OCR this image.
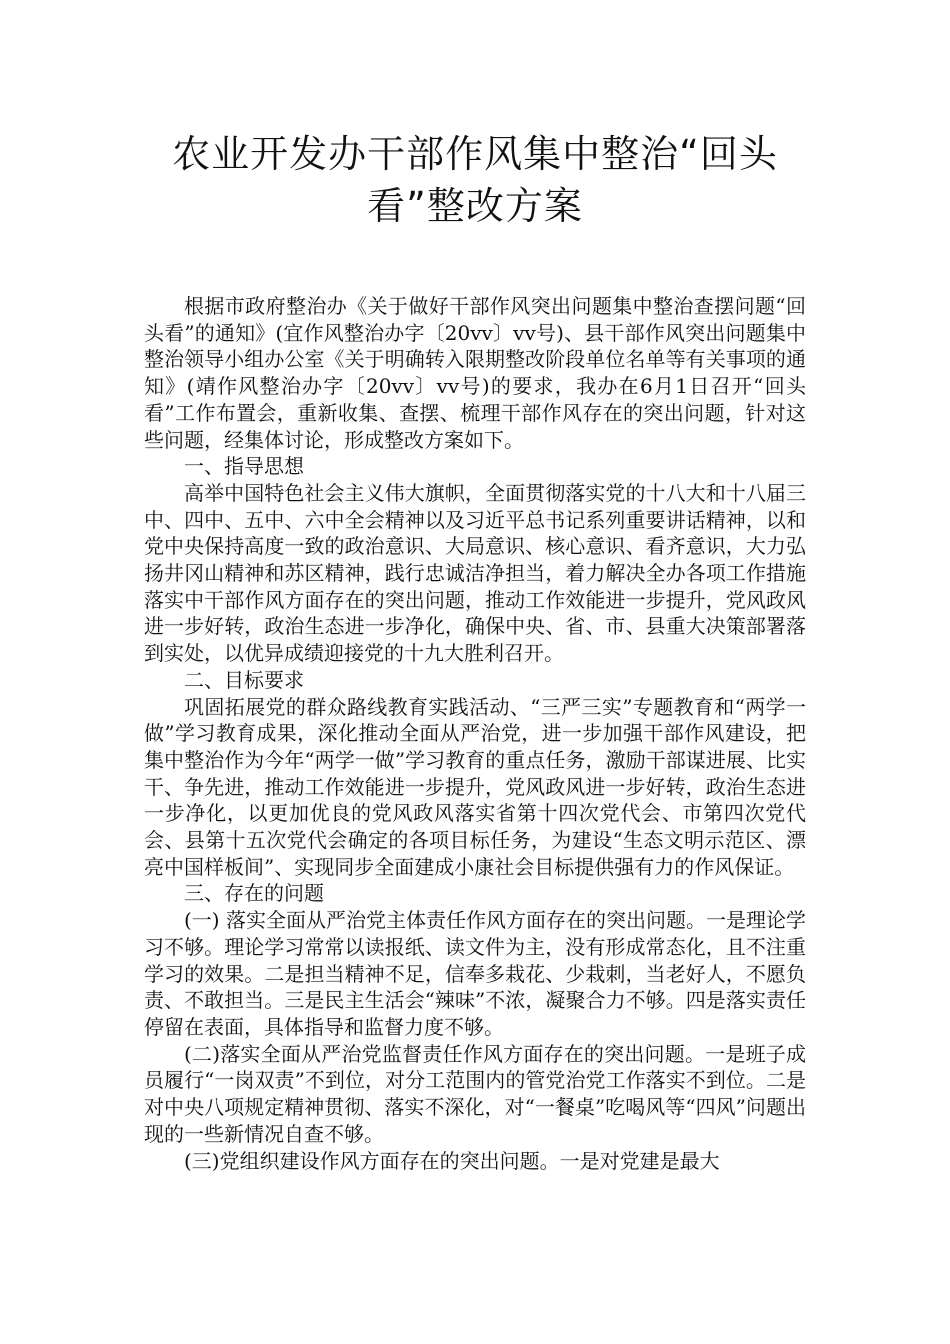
农业开发办干部作风集中整治“回头
看”整改方案

根据市政府整治办《关于做好干部作风突出问题集中整治查摆问题“回头看”的通知》(宜作风整治办字〔20vv〕vv号)、县干部作风突出问题集中整治领导小组办公室《关于明确转入限期整改阶段单位名单等有关事项的通知》(靖作风整治办字〔20vv〕vv号)的要求，我办在6月1日召开“回头看”工作布置会，重新收集、查摆、梳理干部作风存在的突出问题，针对这些问题，经集体讨论，形成整改方案如下。

一、指导思想

高举中国特色社会主义伟大旗帜，全面贯彻落实党的十八大和十八届三中、四中、五中、六中全会精神以及习近平总书记系列重要讲话精神，以和党中央保持高度一致的政治意识、大局意识、核心意识、看齐意识，大力弘扬井冈山精神和苏区精神，践行忠诚洁净担当，着力解决全办各项工作措施落实中干部作风方面存在的突出问题，推动工作效能进一步提升，党风政风进一步好转，政治生态进一步净化，确保中央、省、市、县重大决策部署落到实处，以优异成绩迎接党的十九大胜利召开。

二、目标要求

巩固拓展党的群众路线教育实践活动、“三严三实”专题教育和“两学一做”学习教育成果，深化推动全面从严治党，进一步加强干部作风建设，把集中整治作为今年“两学一做”学习教育的重点任务，激励干部谋进展、比实干、争先进，推动工作效能进一步提升，党风政风进一步好转，政治生态进一步净化，以更加优良的党风政风落实省第十四次党代会、市第四次党代会、县第十五次党代会确定的各项目标任务，为建设“生态文明示范区、漂亮中国样板间”、实现同步全面建成小康社会目标提供强有力的作风保证。

三、存在的问题

(一) 落实全面从严治党主体责任作风方面存在的突出问题。一是理论学习不够。理论学习常常以读报纸、读文件为主，没有形成常态化，且不注重学习的效果。二是担当精神不足，信奉多栽花、少栽刺，当老好人，不愿负责、不敢担当。三是民主生活会“辣味”不浓，凝聚合力不够。四是落实责任停留在表面，具体指导和监督力度不够。

(二)落实全面从严治党监督责任作风方面存在的突出问题。一是班子成员履行“一岗双责”不到位，对分工范围内的管党治党工作落实不到位。二是对中央八项规定精神贯彻、落实不深化，对“一餐桌”吃喝风等“四风”问题出现的一些新情况自查不够。

(三)党组织建设作风方面存在的突出问题。一是对党建是最大
